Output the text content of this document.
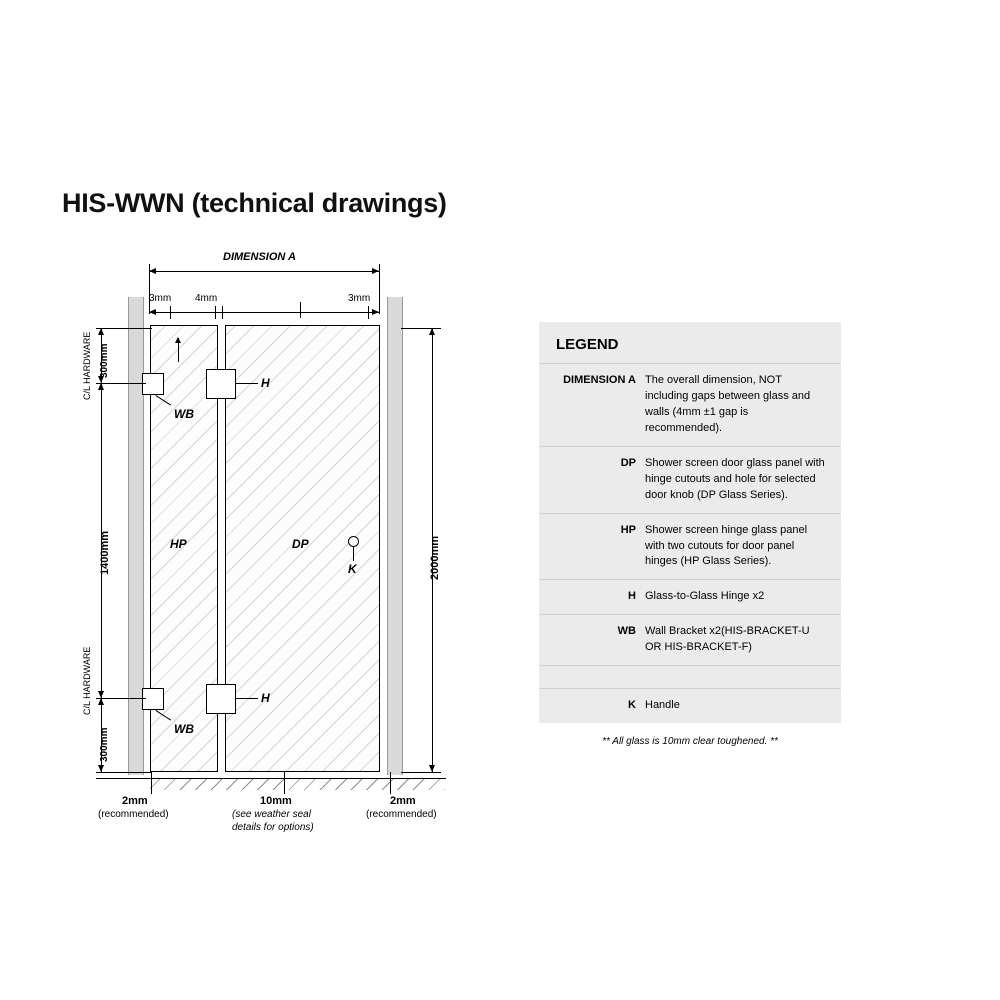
HIS-WWN (technical drawings)
DIMENSION A
3mm 4mm	3mm
HP	DP
H
H
WB
WB
K	2000mm
300mm
C/L HARDWARE
1400mm
300mm
C/L HARDWARE
2mm
(recommended)
10mm
(see weather seal
details for options)
2mm
(recommended)
LEGEND
DIMENSION A The overall dimension, NOT including gaps between glass and walls (4mm ±1 gap is recommended).
DP Shower screen door glass panel with hinge cutouts and hole for selected door knob (DP Glass Series).
HP Shower screen hinge glass panel with two cutouts for door panel hinges (HP Glass Series).
H Glass-to-Glass Hinge x2
WB Wall Bracket x2(HIS-BRACKET-U OR HIS-BRACKET-F)
K Handle
** All glass is 10mm clear toughened. **
